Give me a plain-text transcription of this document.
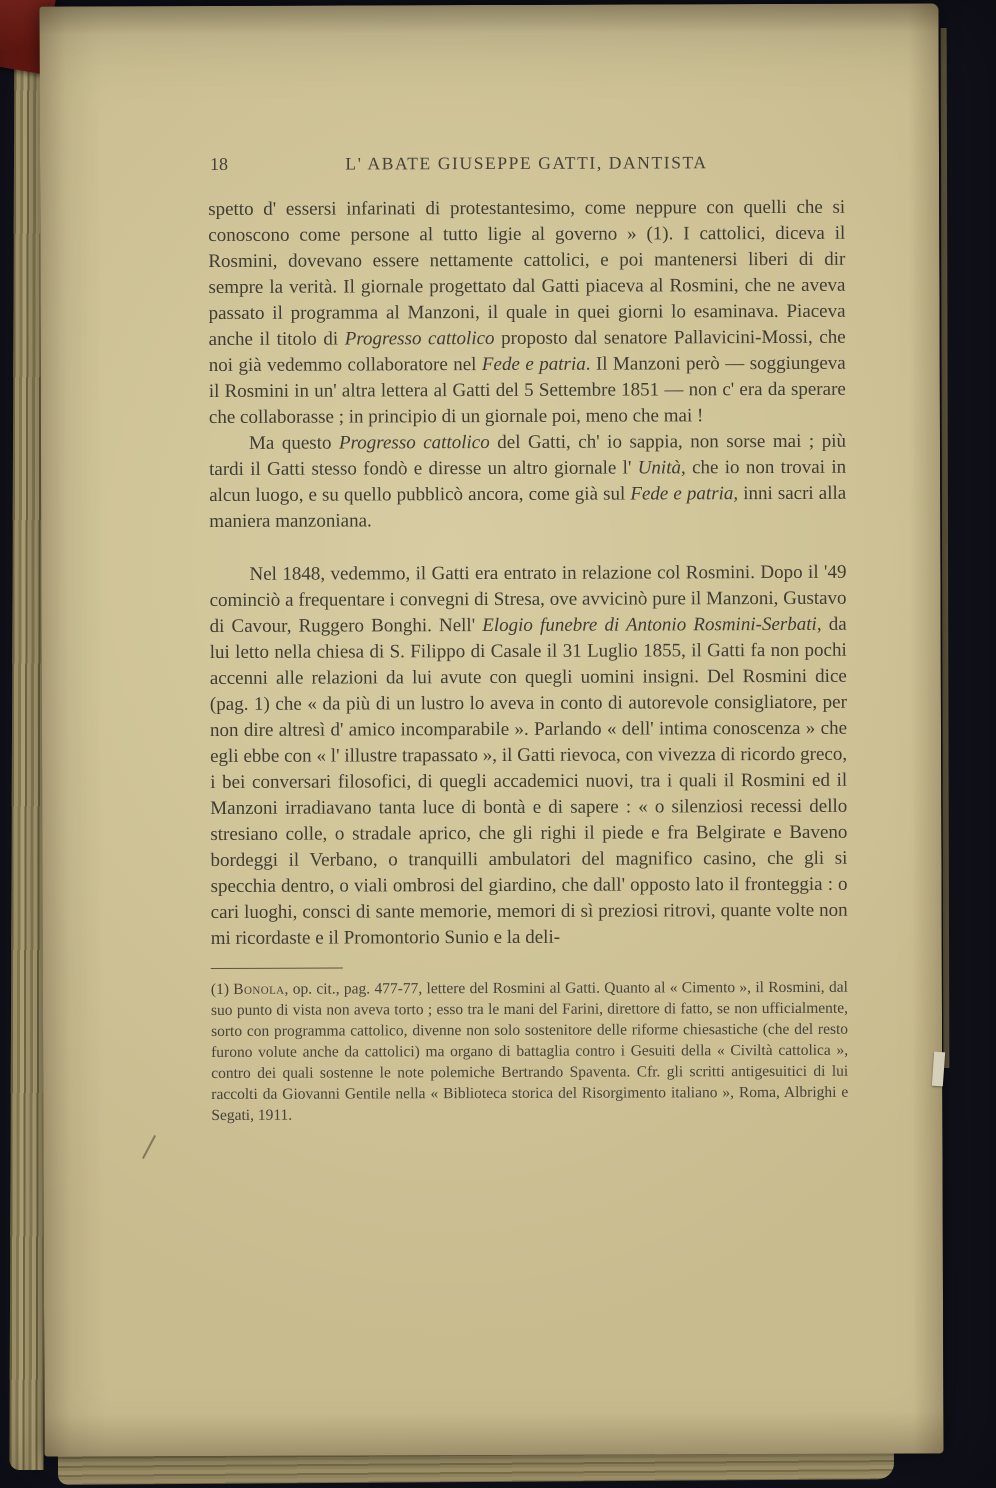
18	L' ABATE GIUSEPPE GATTI, DANTISTA

spetto d' essersi infarinati di protestantesimo, come neppure con quelli che si conoscono come persone al tutto ligie al governo » (1). I cattolici, diceva il Rosmini, dovevano essere nettamente cattolici, e poi mantenersi liberi di dir sempre la verità. Il giornale progettato dal Gatti piaceva al Rosmini, che ne aveva passato il programma al Manzoni, il quale in quei giorni lo esaminava. Piaceva anche il titolo di Progresso cattolico proposto dal senatore Pallavicini-Mossi, che noi già vedemmo collaboratore nel Fede e patria. Il Manzoni però — soggiungeva il Rosmini in un' altra lettera al Gatti del 5 Settembre 1851 — non c' era da sperare che collaborasse ; in principio di un giornale poi, meno che mai !

Ma questo Progresso cattolico del Gatti, ch' io sappia, non sorse mai ; più tardi il Gatti stesso fondò e diresse un altro giornale l' Unità, che io non trovai in alcun luogo, e su quello pubblicò ancora, come già sul Fede e patria, inni sacri alla maniera manzoniana.

Nel 1848, vedemmo, il Gatti era entrato in relazione col Rosmini. Dopo il '49 cominciò a frequentare i convegni di Stresa, ove avvicinò pure il Manzoni, Gustavo di Cavour, Ruggero Bonghi. Nell' Elogio funebre di Antonio Rosmini-Serbati, da lui letto nella chiesa di S. Filippo di Casale il 31 Luglio 1855, il Gatti fa non pochi accenni alle relazioni da lui avute con quegli uomini insigni. Del Rosmini dice (pag. 1) che « da più di un lustro lo aveva in conto di autorevole consigliatore, per non dire altresì d' amico incomparabile ». Parlando « dell' intima conoscenza » che egli ebbe con « l' illustre trapassato », il Gatti rievoca, con vivezza di ricordo greco, i bei conversari filosofici, di quegli accademici nuovi, tra i quali il Rosmini ed il Manzoni irradiavano tanta luce di bontà e di sapere : « o silenziosi recessi dello stresiano colle, o stradale aprico, che gli righi il piede e fra Belgirate e Baveno bordeggi il Verbano, o tranquilli ambulatori del magnifico casino, che gli si specchia dentro, o viali ombrosi del giardino, che dall' opposto lato il fronteggia : o cari luoghi, consci di sante memorie, memori di sì preziosi ritrovi, quante volte non mi ricordaste e il Promontorio Sunio e la deli-

(1) Bonola, op. cit., pag. 477-77, lettere del Rosmini al Gatti. Quanto al « Cimento », il Rosmini, dal suo punto di vista non aveva torto ; esso tra le mani del Farini, direttore di fatto, se non ufficialmente, sorto con programma cattolico, divenne non solo sostenitore delle riforme chiesastiche (che del resto furono volute anche da cattolici) ma organo di battaglia contro i Gesuiti della « Civiltà cattolica », contro dei quali sostenne le note polemiche Bertrando Spaventa. Cfr. gli scritti antigesuitici di lui raccolti da Giovanni Gentile nella « Biblioteca storica del Risorgimento italiano », Roma, Albrighi e Segati, 1911.
